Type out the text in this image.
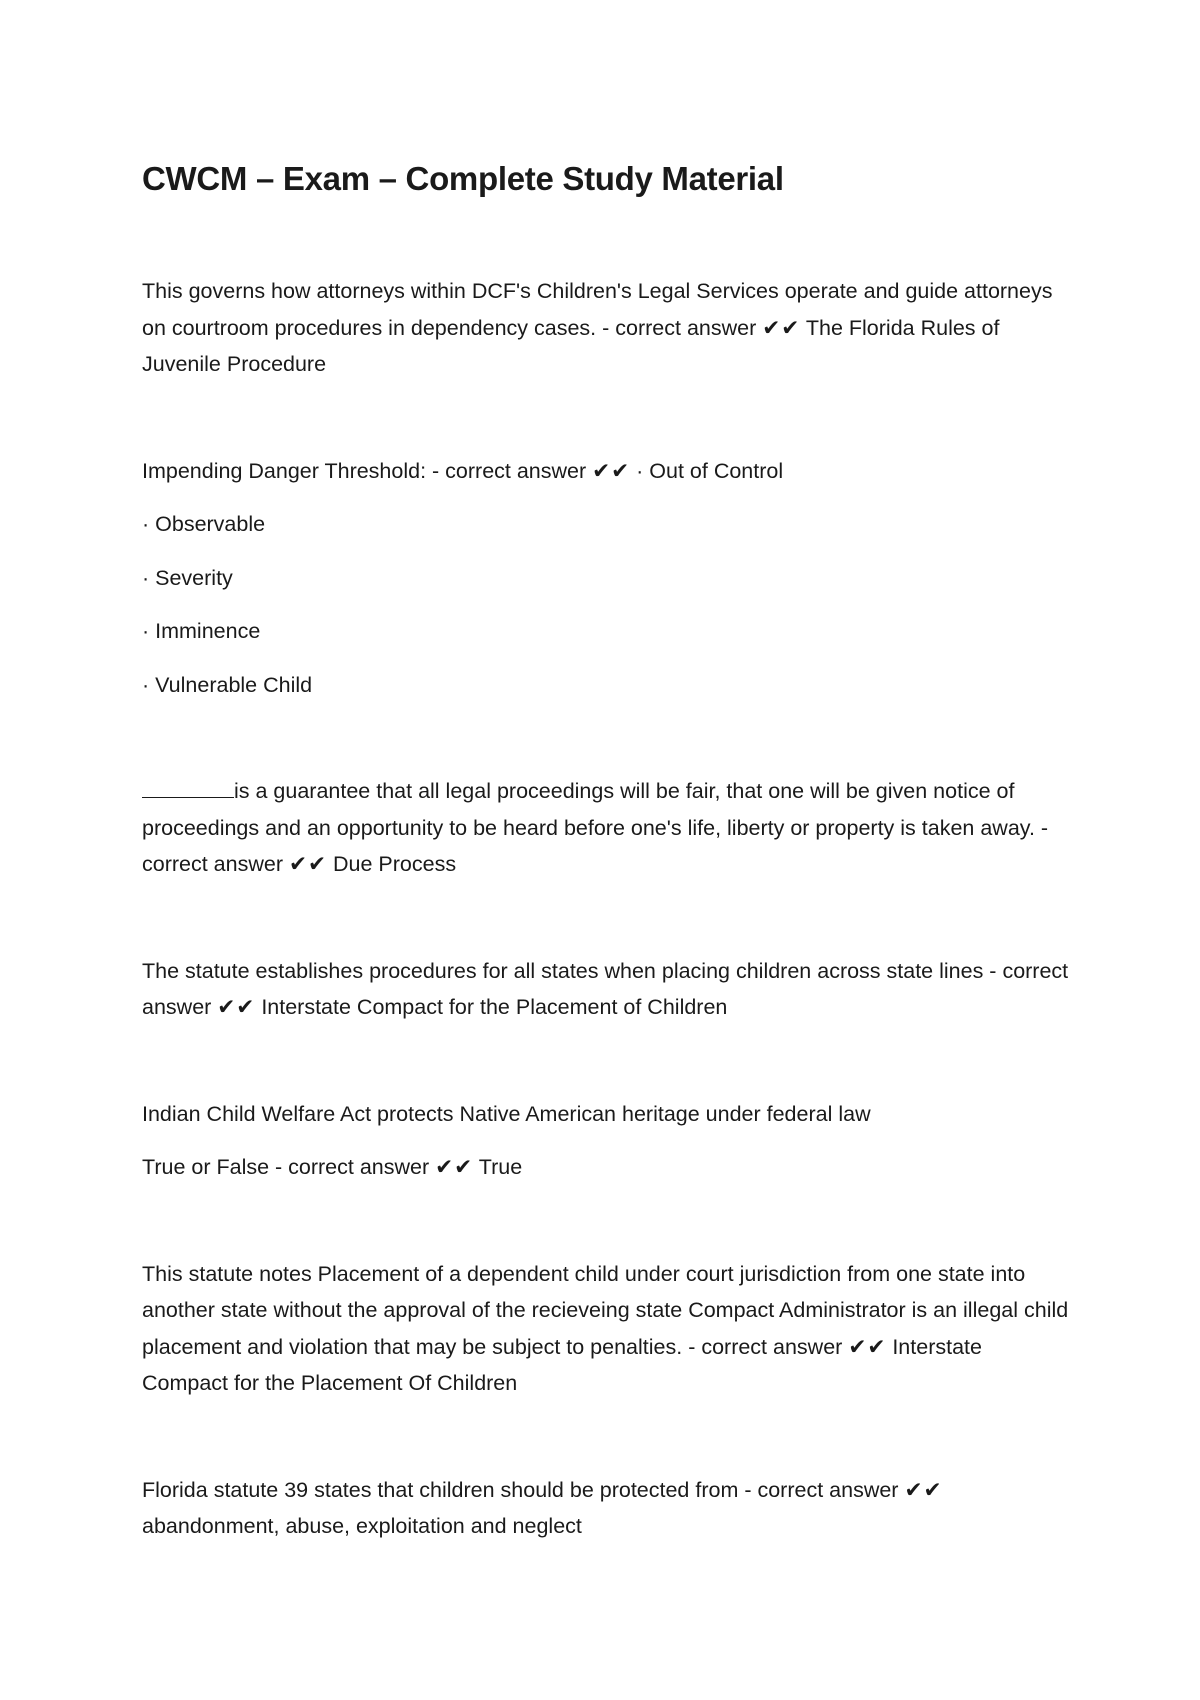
CWCM – Exam – Complete Study Material

This governs how attorneys within DCF's Children's Legal Services operate and guide attorneys on courtroom procedures in dependency cases. - correct answer ✔✔ The Florida Rules of Juvenile Procedure

Impending Danger Threshold: - correct answer ✔✔ · Out of Control

· Observable

· Severity

· Imminence

· Vulnerable Child

is a guarantee that all legal proceedings will be fair, that one will be given notice of proceedings and an opportunity to be heard before one's life, liberty or property is taken away. - correct answer ✔✔ Due Process

The statute establishes procedures for all states when placing children across state lines - correct answer ✔✔ Interstate Compact for the Placement of Children

Indian Child Welfare Act protects Native American heritage under federal law

True or False - correct answer ✔✔ True

This statute notes Placement of a dependent child under court jurisdiction from one state into another state without the approval of the recieveing state Compact Administrator is an illegal child placement and violation that may be subject to penalties. - correct answer ✔✔ Interstate Compact for the Placement Of Children

Florida statute 39 states that children should be protected from - correct answer ✔✔ abandonment, abuse, exploitation and neglect
